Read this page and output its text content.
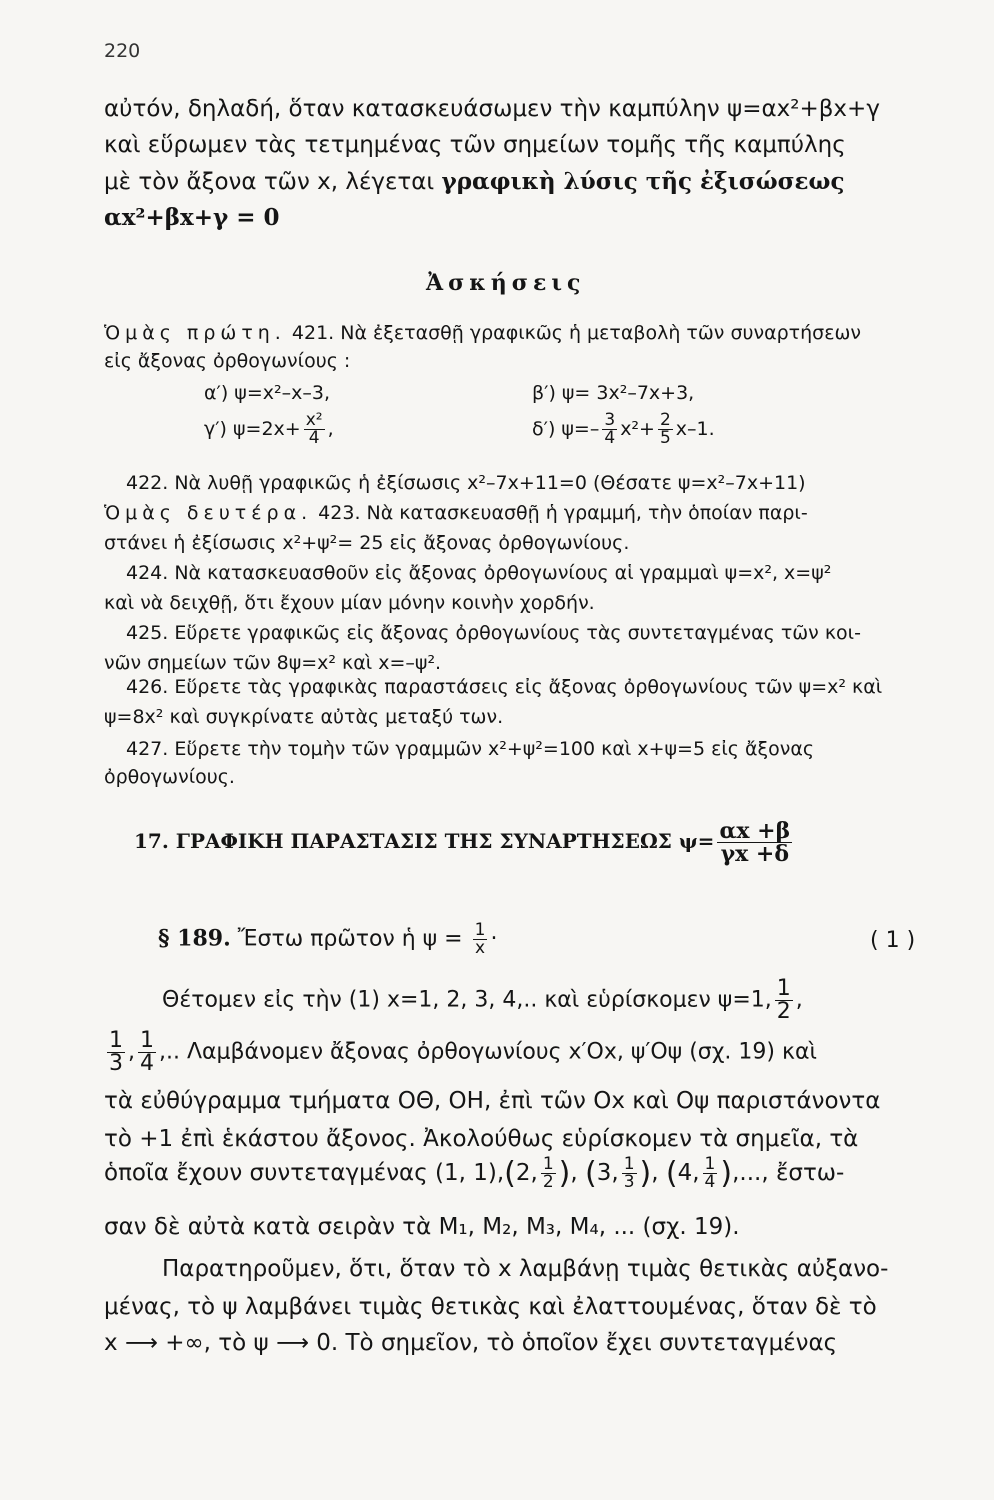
220
αὐτόν, δηλαδή, ὅταν κατασκευάσωμεν τὴν καμπύλην ψ=αx²+βx+γ
καὶ εὕρωμεν τὰς τετμημένας τῶν σημείων τομῆς τῆς καμπύλης
μὲ τὸν ἄξονα τῶν x, λέγεται γραφικὴ λύσις τῆς ἐξισώσεως
αx²+βx+γ = 0
Ἀσκήσεις
Ὁμὰς πρώτη. 421. Νὰ ἐξετασθῇ γραφικῶς ἡ μεταβολὴ τῶν συναρτήσεων
εἰς ἄξονας ὀρθογωνίους :
α′) ψ=x²–x–3,	β′) ψ= 3x²–7x+3,
γ′) $\psi=2x+ \frac{\text{x²}}{4}$ ,	δ′) $\psi=- \frac{3}{4} x^2+ \frac{2}{5} x-1$.
422. Νὰ λυθῇ γραφικῶς ἡ ἐξίσωσις x²–7x+11=0 (Θέσατε ψ=x²–7x+11)
Ὁμὰς δευτέρα. 423. Νὰ κατασκευασθῇ ἡ γραμμή, τὴν ὁποίαν παρι-
στάνει ἡ ἐξίσωσις x²+ψ²= 25 εἰς ἄξονας ὀρθογωνίους.
424. Νὰ κατασκευασθοῦν εἰς ἄξονας ὀρθογωνίους αἱ γραμμαὶ ψ=x², x=ψ²
καὶ νὰ δειχθῇ, ὅτι ἔχουν μίαν μόνην κοινὴν χορδήν.
425. Εὕρετε γραφικῶς εἰς ἄξονας ὀρθογωνίους τὰς συντεταγμένας τῶν κοι-
νῶν σημείων τῶν 8ψ=x² καὶ x=–ψ².
426. Εὕρετε τὰς γραφικὰς παραστάσεις εἰς ἄξονας ὀρθογωνίους τῶν ψ=x² καὶ
ψ=8x² καὶ συγκρίνατε αὐτὰς μεταξύ των.
427. Εὕρετε τὴν τομὴν τῶν γραμμῶν x²+ψ²=100 καὶ x+ψ=5 εἰς ἄξονας
ὀρθογωνίους.
17. ΓΡΑΦΙΚΗ ΠΑΡΑΣΤΑΣΙΣ ΤΗΣ ΣΥΝΑΡΤΗΣΕΩΣ $\psi= \frac{\alpha x +\beta}{\gamma x +\delta}$
§ 189. Ἔστω πρῶτον ἡ $\psi = \frac{1}{x}$ ·	( 1 )
Θέτομεν εἰς τὴν (1) x=1, 2, 3, 4,.. καὶ εὑρίσκομεν ψ=1, $\frac{1}{2}$ ,
$\frac{1}{3}$ , $\frac{1}{4}$ ,.. Λαμβάνομεν ἄξονας ὀρθογωνίους x′Ox, ψ′Oψ (σχ. 19) καὶ
τὰ εὐθύγραμμα τμήματα ΟΘ, ΟΗ, ἐπὶ τῶν Οx καὶ Οψ παριστάνοντα
τὸ +1 ἐπὶ ἑκάστου ἄξονος. Ἀκολούθως εὑρίσκομεν τὰ σημεῖα, τὰ
ὁποῖα ἔχουν συντεταγμένας (1, 1),(2, $\frac{1}{2}$ ), (3, $\frac{1}{3}$ ), (4, $\frac{1}{4}$ ),..., ἔστω-
σαν δὲ αὐτὰ κατὰ σειρὰν τὰ Μ₁, Μ₂, Μ₃, Μ₄, ... (σχ. 19).
Παρατηροῦμεν, ὅτι, ὅταν τὸ x λαμβάνῃ τιμὰς θετικὰς αὐξανο-
μένας, τὸ ψ λαμβάνει τιμὰς θετικὰς καὶ ἐλαττουμένας, ὅταν δὲ τὸ
x ⟶ +∞, τὸ ψ ⟶ 0. Τὸ σημεῖον, τὸ ὁποῖον ἔχει συντεταγμένας
